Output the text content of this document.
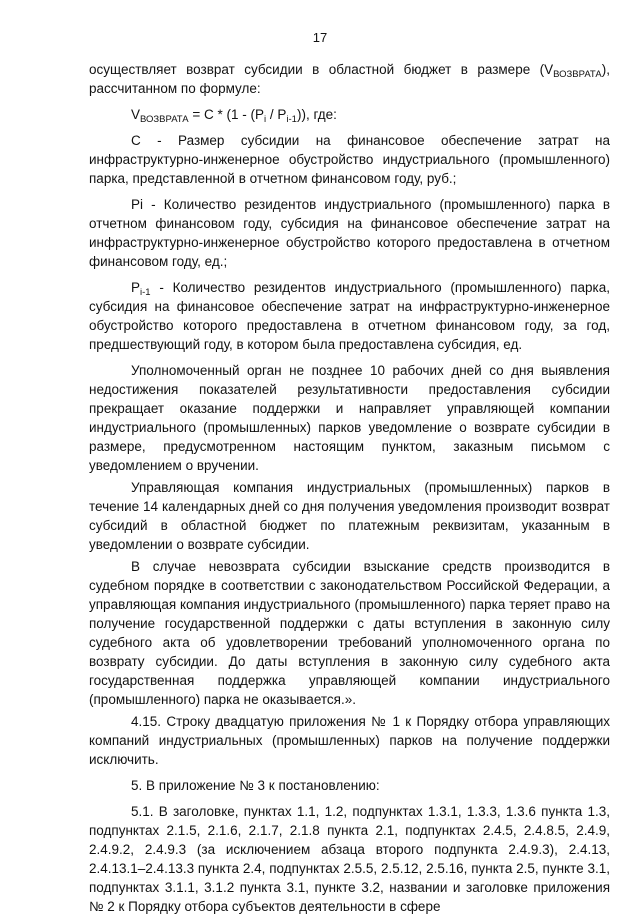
17

осуществляет возврат субсидии в областной бюджет в размере $(V_{ВОЗВРАТА})$, рассчитанном по формуле:

$V_{ВОЗВРАТА} = С * (1 - (P_i / P_{i-1}))$, где:

С - Размер субсидии на финансовое обеспечение затрат на инфраструктурно-инженерное обустройство индустриального (промышленного) парка, представленной в отчетном финансовом году, руб.;

Pi - Количество резидентов индустриального (промышленного) парка в отчетном финансовом году, субсидия на финансовое обеспечение затрат на инфраструктурно-инженерное обустройство которого предоставлена в отчетном финансовом году, ед.;

$P_{i-1}$ - Количество резидентов индустриального (промышленного) парка, субсидия на финансовое обеспечение затрат на инфраструктурно-инженерное обустройство которого предоставлена в отчетном финансовом году, за год, предшествующий году, в котором была предоставлена субсидия, ед.

Уполномоченный орган не позднее 10 рабочих дней со дня выявления недостижения показателей результативности предоставления субсидии прекращает оказание поддержки и направляет управляющей компании индустриального (промышленных) парков уведомление о возврате субсидии в размере, предусмотренном настоящим пунктом, заказным письмом с уведомлением о вручении.

Управляющая компания индустриальных (промышленных) парков в течение 14 календарных дней со дня получения уведомления производит возврат субсидий в областной бюджет по платежным реквизитам, указанным в уведомлении о возврате субсидии.

В случае невозврата субсидии взыскание средств производится в судебном порядке в соответствии с законодательством Российской Федерации, а управляющая компания индустриального (промышленного) парка теряет право на получение государственной поддержки с даты вступления в законную силу судебного акта об удовлетворении требований уполномоченного органа по возврату субсидии. До даты вступления в законную силу судебного акта государственная поддержка управляющей компании индустриального (промышленного) парка не оказывается.».

4.15. Строку двадцатую приложения № 1 к Порядку отбора управляющих компаний индустриальных (промышленных) парков на получение поддержки исключить.

5. В приложение № 3 к постановлению:

5.1. В заголовке, пунктах 1.1, 1.2, подпунктах 1.3.1, 1.3.3, 1.3.6 пункта 1.3, подпунктах 2.1.5, 2.1.6, 2.1.7, 2.1.8 пункта 2.1, подпунктах 2.4.5, 2.4.8.5, 2.4.9, 2.4.9.2, 2.4.9.3 (за исключением абзаца второго подпункта 2.4.9.3), 2.4.13, 2.4.13.1–2.4.13.3 пункта 2.4, подпунктах 2.5.5, 2.5.12, 2.5.16, пункта 2.5, пункте 3.1, подпунктах 3.1.1, 3.1.2 пункта 3.1, пункте 3.2, названии и заголовке приложения № 2 к Порядку отбора субъектов деятельности в сфере
